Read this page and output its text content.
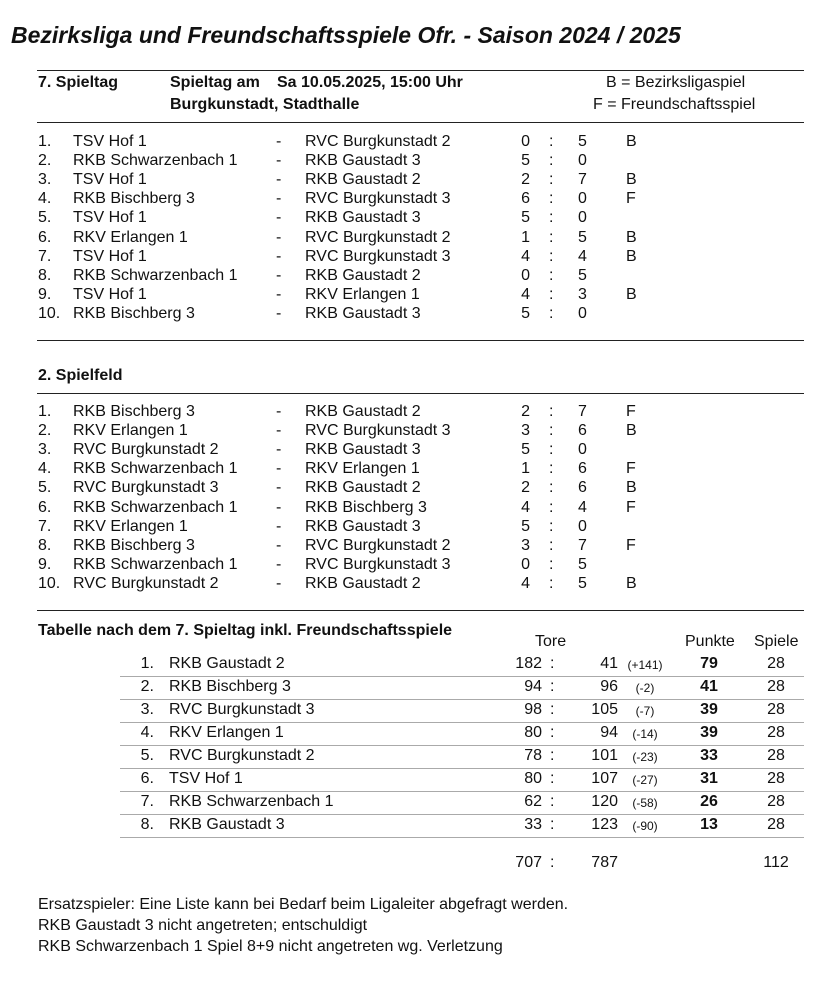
Bezirksliga und Freundschaftsspiele Ofr. - Saison 2024 / 2025
7. Spieltag	Spieltag am Sa 10.05.2025, 15:00 Uhr
Burgkunstadt, Stadthalle
B = Bezirksligaspiel
F = Freundschaftsspiel
1. TSV Hof 1	- RVC Burgkunstadt 2	0 : 5 B
2. RKB Schwarzenbach 1 - RKB Gaustadt 3	5 : 0
3. TSV Hof 1	- RKB Gaustadt 2	2 : 7 B
4. RKB Bischberg 3	- RVC Burgkunstadt 3	6 : 0 F
5. TSV Hof 1	- RKB Gaustadt 3	5 : 0
6. RKV Erlangen 1	- RVC Burgkunstadt 2	1 : 5 B
7. TSV Hof 1	- RVC Burgkunstadt 3	4 : 4 B
8. RKB Schwarzenbach 1 - RKB Gaustadt 2	0 : 5
9. TSV Hof 1	- RKV Erlangen 1	4 : 3 B
10. RKB Bischberg 3	- RKB Gaustadt 3	5 : 0
2. Spielfeld
1. RKB Bischberg 3	- RKB Gaustadt 2	2 : 7 F
2. RKV Erlangen 1	- RVC Burgkunstadt 3	3 : 6 B
3. RVC Burgkunstadt 2	- RKB Gaustadt 3	5 : 0
4. RKB Schwarzenbach 1 - RKV Erlangen 1	1 : 6 F
5. RVC Burgkunstadt 3	- RKB Gaustadt 2	2 : 6 B
6. RKB Schwarzenbach 1 - RKB Bischberg 3	4 : 4 F
7. RKV Erlangen 1	- RKB Gaustadt 3	5 : 0
8. RKB Bischberg 3	- RVC Burgkunstadt 2	3 : 7 F
9. RKB Schwarzenbach 1 - RVC Burgkunstadt 3	0 : 5
10. RVC Burgkunstadt 2	- RKB Gaustadt 2	4 : 5 B
Tabelle nach dem 7. Spieltag inkl. Freundschaftsspiele
Tore	Punkte Spiele
1. RKB Gaustadt 2	182 :	41 (+141)	79	28
2. RKB Bischberg 3	94 :	96	(-2)	41	28
3. RVC Burgkunstadt 3	98 :	105	(-7)	39	28
4. RKV Erlangen 1	80 :	94	(-14)	39	28
5. RVC Burgkunstadt 2	78 :	101	(-23)	33	28
6. TSV Hof 1	80 :	107	(-27)	31	28
7. RKB Schwarzenbach 1	62 :	120	(-58)	26	28
8. RKB Gaustadt 3	33 :	123	(-90)	13	28
707 :	787	112
Ersatzspieler: Eine Liste kann bei Bedarf beim Ligaleiter abgefragt werden.
RKB Gaustadt 3 nicht angetreten; entschuldigt
RKB Schwarzenbach 1 Spiel 8+9 nicht angetreten wg. Verletzung
